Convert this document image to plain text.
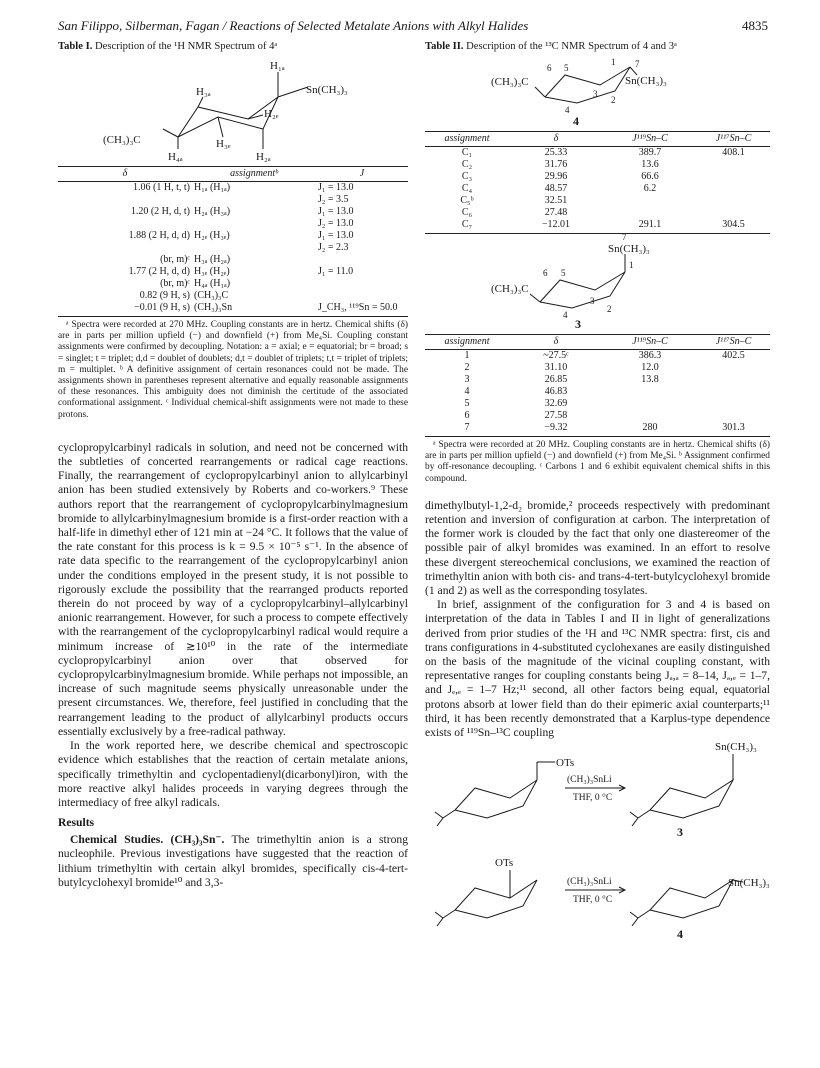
San Filippo, Silberman, Fagan / Reactions of Selected Metalate Anions with Alkyl Halides	4835

Table I. Description of the ¹H NMR Spectrum of 4ᵃ

H₁ₐ
Sn(CH₃)₃
(CH₃)₃C
H₃ₐ
H₂ₑ
H₃ₑ
H₄ₐ	H₂ₐ
δ	assignmentᵇ	J
1.06 (1 H, t, t)	H₁ₐ (H₁ₐ)	J₁ = 13.0
		J₂ = 3.5
1.20 (2 H, d, t)	H₂ₐ (H₃ₐ)	J₁ = 13.0
		J₂ = 13.0
1.88 (2 H, d, d)	H₂ₑ (H₃ₑ)	J₁ = 13.0
		J₂ = 2.3
(br, m)ᶜ	H₃ₐ (H₂ₐ)	
1.77 (2 H, d, d)	H₃ₑ (H₂ₑ)	J₁ = 11.0
(br, m)ᶜ	H₄ₐ (H₁ₐ)	
0.82 (9 H, s)	(CH₃)₃C	
−0.01 (9 H, s)	(CH₃)₃Sn	J_CH₃, ¹¹⁹Sn = 50.0

ᵃ Spectra were recorded at 270 MHz. Coupling constants are in hertz. Chemical shifts (δ) are in parts per million upfield (−) and downfield (+) from Me₄Si. Coupling constant assignments were confirmed by decoupling. Notation: a = axial; e = equatorial; br = broad; s = singlet; t = triplet; d,d = doublet of doublets; d,t = doublet of triplets; t,t = triplet of triplets; m = multiplet. ᵇ A definitive assignment of certain resonances could not be made. The assignments shown in parentheses represent alternative and equally reasonable assignments of these resonances. This ambiguity does not diminish the certitude of the associated conformational assignment. ᶜ Individual chemical-shift assignments were not made to these protons.

cyclopropylcarbinyl radicals in solution, and need not be concerned with the subtleties of concerted rearrangements or radical cage reactions. Finally, the rearrangement of cyclopropylcarbinyl anion to allylcarbinyl anion has been studied extensively by Roberts and co-workers.⁹ These authors report that the rearrangement of cyclopropylcarbinylmagnesium bromide to allylcarbinylmagnesium bromide is a first-order reaction with a half-life in dimethyl ether of 121 min at −24 °C. It follows that the value of the rate constant for this process is k = 9.5 × 10⁻⁵ s⁻¹. In the absence of rate data specific to the rearrangement of the cyclopropylcarbinyl anion under the conditions employed in the present study, it is not possible to rigorously exclude the possibility that the rearranged products reported therein do not proceed by way of a cyclopropylcarbinyl–allylcarbinyl anionic rearrangement. However, for such a process to compete effectively with the rearrangement of the cyclopropylcarbinyl radical would require a minimum increase of ≳10¹⁰ in the rate of the intermediate cyclopropylcarbinyl anion over that observed for cyclopropylcarbinylmagnesium bromide. While perhaps not impossible, an increase of such magnitude seems physically unreasonable under the present circumstances. We, therefore, feel justified in concluding that the rearrangement leading to the product of allylcarbinyl products occurs essentially exclusively by a free-radical pathway.

In the work reported here, we describe chemical and spectroscopic evidence which establishes that the reaction of certain metalate anions, specifically trimethyltin and cyclopentadienyl(dicarbonyl)iron, with the more reactive alkyl halides proceeds in varying degrees through the intermediacy of free alkyl radicals.

Results

Chemical Studies. (CH₃)₃Sn⁻. The trimethyltin anion is a strong nucleophile. Previous investigations have suggested that the reaction of lithium trimethyltin with certain alkyl bromides, specifically cis-4-tert-butylcyclohexyl bromide¹⁰ and 3,3-

Table II. Description of the ¹³C NMR Spectrum of 4 and 3ᵃ

6 5
1 7
(CH₃)₃C	Sn(CH₃)₃
3
4
2
4
assignment	δ	J¹¹⁹Sn–C	J¹¹⁷Sn–C
C₁	25.33	389.7	408.1
C₂	31.76	13.6	
C₃	29.96	66.6	
C₄	48.57	6.2	
C₅ᵇ	32.51		
C₆	27.48		
C₇	−12.01	291.1	304.5
7
Sn(CH₃)₃
1
6 5
(CH₃)₃C
3
4
2
3
assignment	δ	J¹¹⁹Sn–C	J¹¹⁷Sn–C
1	~27.5ᶜ	386.3	402.5
2	31.10	12.0	
3	26.85	13.8	
4	46.83		
5	32.69		
6	27.58		
7	−9.32	280	301.3

ᵃ Spectra were recorded at 20 MHz. Coupling constants are in hertz. Chemical shifts (δ) are in parts per million upfield (−) and downfield (+) from Me₄Si. ᵇ Assignment confirmed by off-resonance decoupling. ᶜ Carbons 1 and 6 exhibit equivalent chemical shifts in this compound.

dimethylbutyl-1,2-d₂ bromide,² proceeds respectively with predominant retention and inversion of configuration at carbon. The interpretation of the former work is clouded by the fact that only one diastereomer of the possible pair of alkyl bromides was examined. In an effort to resolve these divergent stereochemical conclusions, we examined the reaction of trimethyltin anion with both cis- and trans-4-tert-butylcyclohexyl bromide (1 and 2) as well as the corresponding tosylates.

In brief, assignment of the configuration for 3 and 4 is based on interpretation of the data in Tables I and II in light of generalizations derived from prior studies of the ¹H and ¹³C NMR spectra: first, cis and trans configurations in 4-substituted cyclohexanes are easily distinguished on the basis of the magnitude of the vicinal coupling constant, with representative ranges for coupling constants being Jₐ,ₐ = 8–14, Jₐ,ₑ = 1–7, and Jₑ,ₑ = 1–7 Hz;¹¹ second, all other factors being equal, equatorial protons absorb at lower field than do their epimeric axial counterparts;¹¹ third, it has been recently demonstrated that a Karplus-type dependence exists of ¹¹⁹Sn–¹³C coupling

OTs
(CH₃)₃SnLi
THF, 0 °C
Sn(CH₃)₃
3
OTs
(CH₃)₃SnLi
THF, 0 °C
Sn(CH₃)₃
4
